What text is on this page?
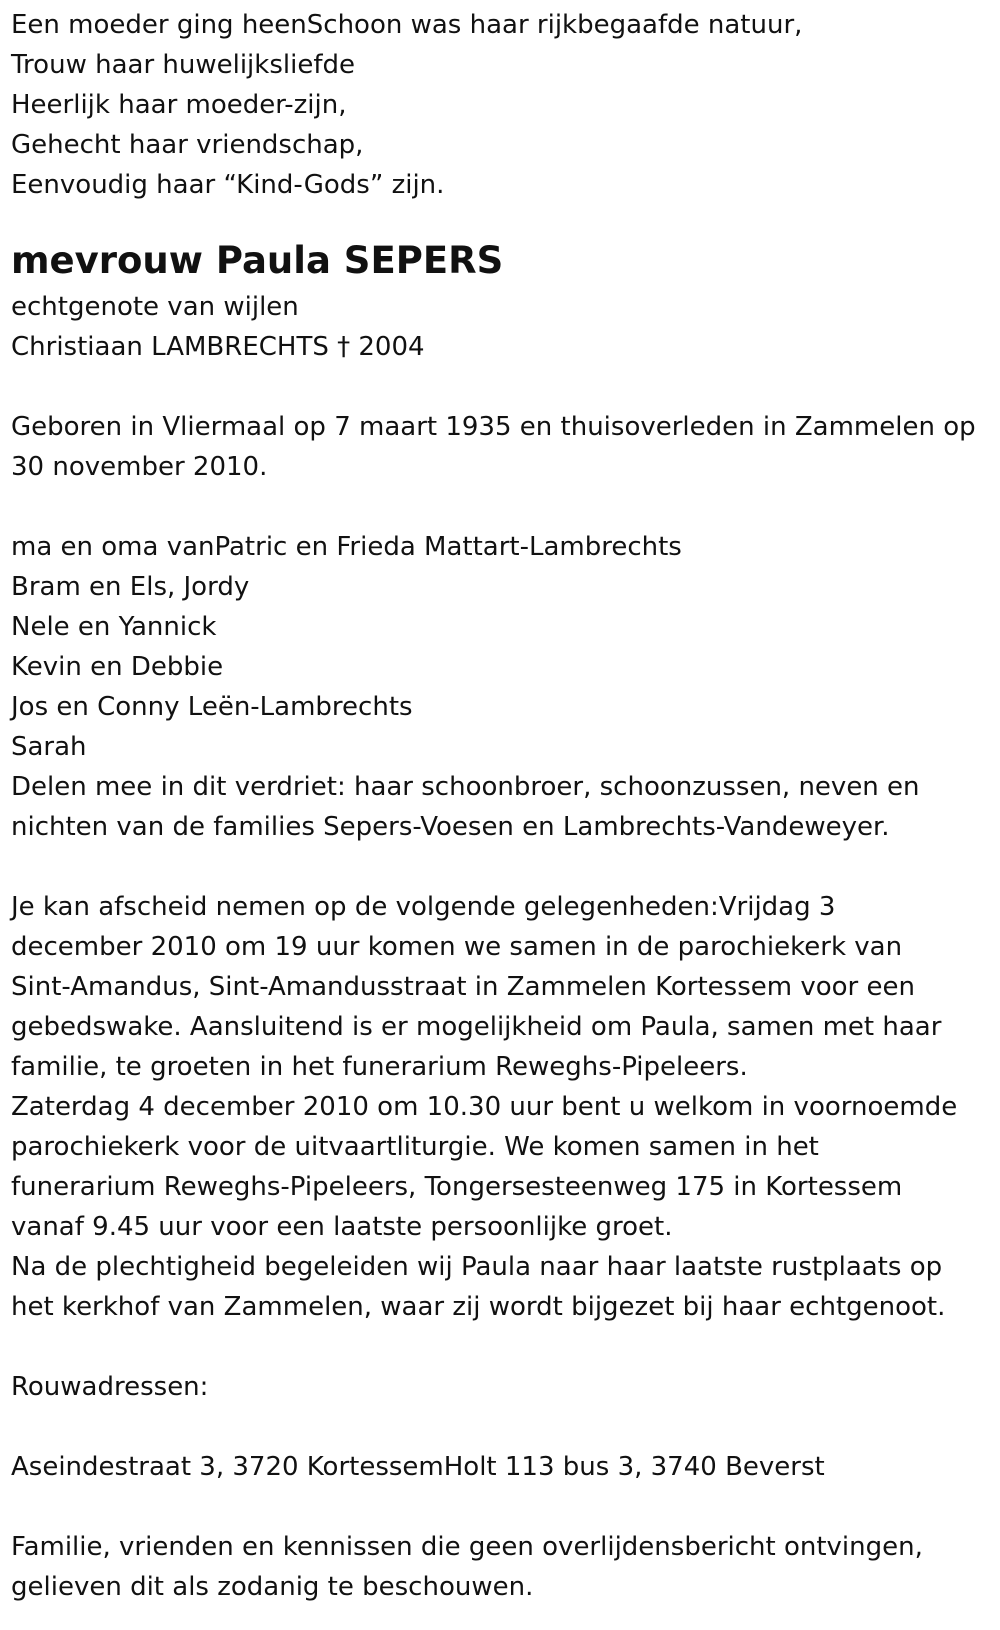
Een moeder ging heenSchoon was haar rijkbegaafde natuur,

Trouw haar huwelijksliefde

Heerlijk haar moeder-zijn,

Gehecht haar vriendschap,

Eenvoudig haar “Kind-Gods” zijn.

mevrouw Paula SEPERS

echtgenote van wijlen

Christiaan LAMBRECHTS † 2004

Geboren in Vliermaal op 7 maart 1935 en thuisoverleden in Zammelen op

30 november 2010.

ma en oma vanPatric en Frieda Mattart-Lambrechts

Bram en Els, Jordy

Nele en Yannick

Kevin en Debbie

Jos en Conny Leën-Lambrechts

Sarah

Delen mee in dit verdriet: haar schoonbroer, schoonzussen, neven en

nichten van de families Sepers-Voesen en Lambrechts-Vandeweyer.

Je kan afscheid nemen op de volgende gelegenheden:Vrijdag 3

december 2010 om 19 uur komen we samen in de parochiekerk van

Sint-Amandus, Sint-Amandusstraat in Zammelen Kortessem voor een

gebedswake. Aansluitend is er mogelijkheid om Paula, samen met haar

familie, te groeten in het funerarium Reweghs-Pipeleers.

Zaterdag 4 december 2010 om 10.30 uur bent u welkom in voornoemde

parochiekerk voor de uitvaartliturgie. We komen samen in het

funerarium Reweghs-Pipeleers, Tongersesteenweg 175 in Kortessem

vanaf 9.45 uur voor een laatste persoonlijke groet.

Na de plechtigheid begeleiden wij Paula naar haar laatste rustplaats op

het kerkhof van Zammelen, waar zij wordt bijgezet bij haar echtgenoot.

Rouwadressen:

Aseindestraat 3, 3720 KortessemHolt 113 bus 3, 3740 Beverst

Familie, vrienden en kennissen die geen overlijdensbericht ontvingen,

gelieven dit als zodanig te beschouwen.
